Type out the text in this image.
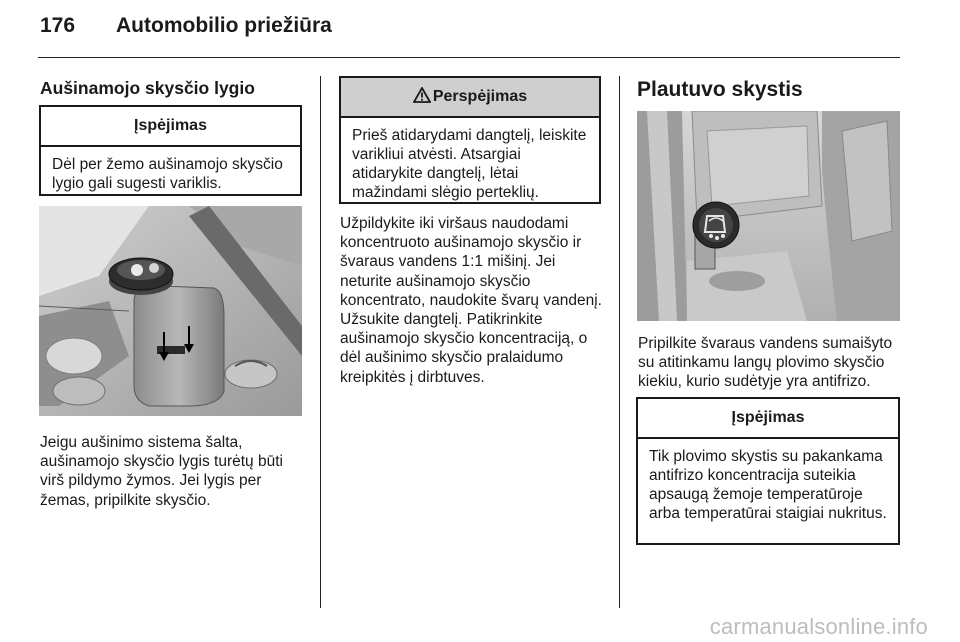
176 Automobilio priežiūra
Aušinamojo skysčio lygio
Įspėjimas
Dėl per žemo aušinamojo skysčio lygio gali sugesti variklis.

Jeigu aušinimo sistema šalta, aušinamojo skysčio lygis turėtų būti virš pildymo žymos. Jei lygis per žemas, pripilkite skysčio.

Perspėjimas
Prieš atidarydami dangtelį, leiskite varikliui atvėsti. Atsargiai atidarykite dangtelį, lėtai mažindami slėgio perteklių.

Užpildykite iki viršaus naudodami koncentruoto aušinamojo skysčio ir švaraus vandens 1:1 mišinį. Jei neturite aušinamojo skysčio koncentrato, naudokite švarų vandenį. Užsukite dangtelį. Patikrinkite aušinamojo skysčio koncentraciją, o dėl aušinimo skysčio pralaidumo kreipkitės į dirbtuves.

Plautuvo skystis

Pripilkite švaraus vandens sumaišyto su atitinkamu langų plovimo skysčio kiekiu, kurio sudėtyje yra antifrizo.

Įspėjimas
Tik plovimo skystis su pakankama antifrizo koncentracija suteikia apsaugą žemoje temperatūroje arba temperatūrai staigiai nukritus.
carmanualsonline.info
